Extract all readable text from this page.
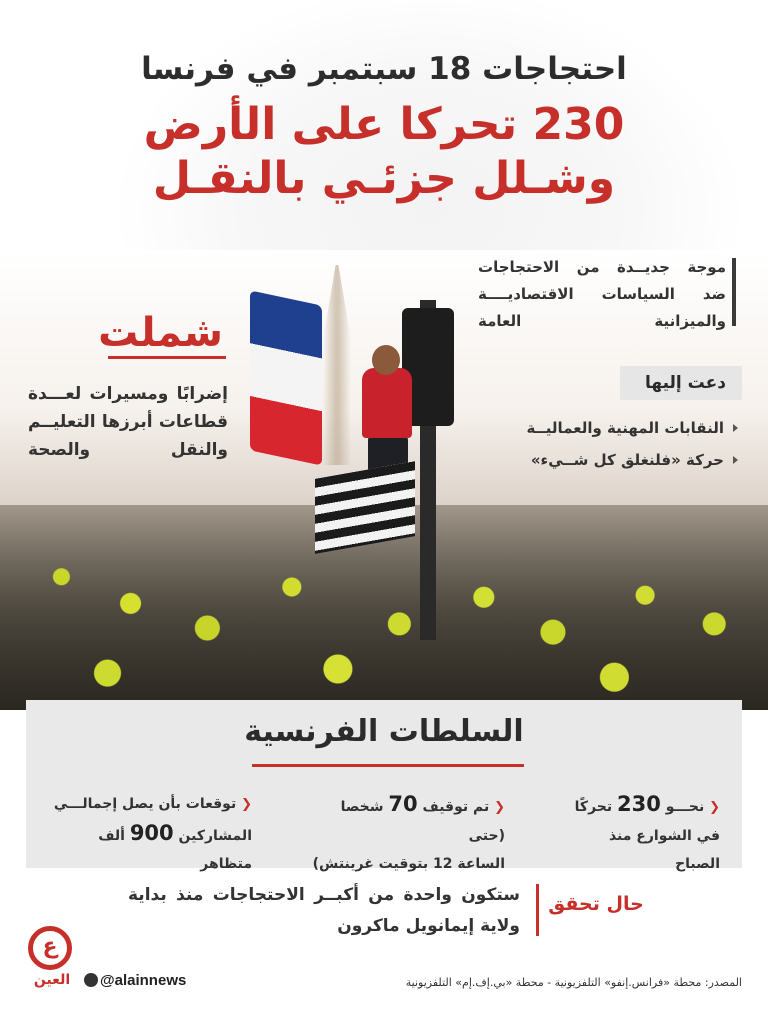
احتجاجات 18 سبتمبر في فرنسا
230 تحركا على الأرض
وشـلل جزئـي بالنقـل
موجة جديــدة من الاحتجاجات
ضد السياسات الاقتصاديــــة
والميزانية العامة
دعت إليها
النقابات المهنية والعماليــة
حركة «فلنغلق كل شــيء»
شملت
إضرابًا ومسيرات لعـــدة
قطاعات أبرزها التعليــم
والنقل والصحة
السلطات الفرنسية
❮ نحـــو 230 تحركًا
في الشوارع منذ الصباح
❮ تم توقيف 70 شخصا (حتى
الساعة 12 بتوقيت غرينتش)
❮ توقعات بأن يصل إجمالـــي
المشاركين 900 ألف متظاهر
حال تحقق
ستكون واحدة من أكبــر الاحتجاجات منذ بداية
ولاية إيمانويل ماكرون
ع
العين	@alainnews	المصدر: محطة «فرانس.إنفو» التلفزيونية - محطة «بي.إف.إم» التلفزيونية
